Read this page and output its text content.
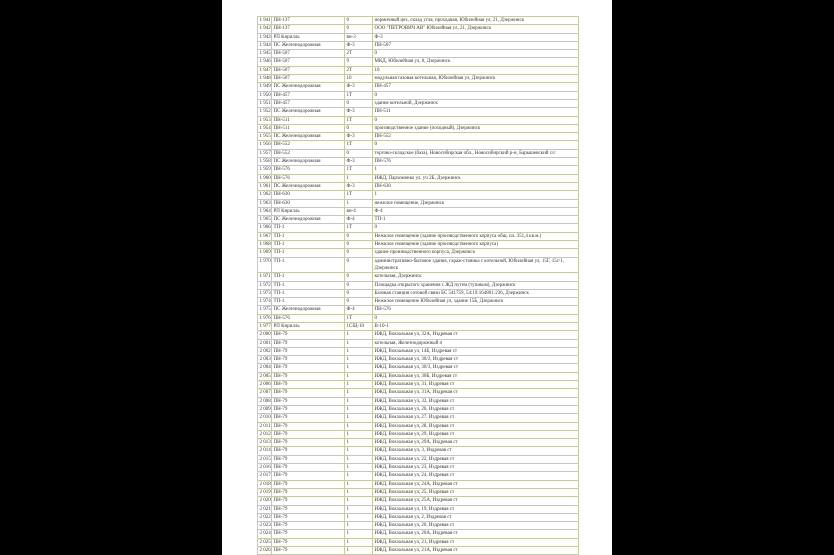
1 941	ПН-137	0	нормичный цех, склад угля, проходная, Юбилейная ул, 21, Дзержинск
1 942	ПН-137	0	ООО "ПЕТРОВИЧ АВ" Юбилейная ул, 21, Дзержинск
1 943	РП Кирилль	вн-3	Ф-3
1 944	ПС Железнодорожная	Ф-3	ПН-507
1 945	ПН-507	2Т	0
1 946	ПН-507	9	МКД, Юбилейная ул, 8, Дзержинск
1 947	ПН-507	2Т	10
1 948	ПН-507	10	модульная газовая котельная, Юбилейная ул, Дзержинск
1 949	ПС Железнодорожная	Ф-3	ПН-457
1 950	ПН-457	1Т	0
1 951	ПН-457	0	здание котельной, Дзержинск
1 952	ПС Железнодорожная	Ф-3	ПН-511
1 953	ПН-511	1Т	0
1 954	ПН-511	0	производственное здание (походный), Дзержинск
1 955	ПС Железнодорожная	Ф-3	ПН-552
1 956	ПН-552	1Т	0
1 957	ПН-552	0	торгово-складское (база), Новосибирская обл., Новосибирский р-н, Барышевский с/с
1 958	ПС Железнодорожная	Ф-3	ПН-576
1 959	ПН-576	1Т	1
1 960	ПН-576	1	ИЖД, Пархоменко ул, уч 2Б, Дзержинск
1 961	ПС Железнодорожная	Ф-3	ПН-630
1 962	ПН-630	1Т	1
1 963	ПН-630	1	нежилое помещение, Дзержинск
1 964	РП Кирилль	вн-4	Ф-4
1 965	ПС Железнодорожная	Ф-4	ТП-1
1 966	ТП-1	1Т	0
1 967	ТП-1	0	Нежилое помещение (здание производственного корпуса общ. пл. 351,4 кв.м.)
1 968	ТП-1	0	Нежилое помещение (здание производственного корпуса)
1 969	ТП-1	0	здание производственного корпуса, Дзержинск
1 970	ТП-1	0	административно-бытовое здание, гараж-стоянка с котельной, Юбилейная ул, 15Г, 15г/1, Дзержинск
1 971	ТП-1	0	котельная, Дзержинск
1 972	ТП-1	0	Площадка открытого хранения с ЖД путем (тупиком), Дзержинск
1 973	ТП-1	0	Базовая станция сотовой связи БС 541759, 54:19:164801:236, Дзержинск
1 974	ТП-1	0	Нежилое помещение Юбилейная ул, здание 15Б, Дзержинск
1 975	ПС Железнодорожная	Ф-4	ПН-576
1 976	ПН-576	1Т	0
1 977	РП Кирилль	1СЩ-10	В-10-1
2 000	ПН-79	1	ИЖД, Вокзальная ул, 32А, Издревая ст
2 001	ПН-79	1	котельная, Железнодорожный п
2 002	ПН-79	1	ИЖД, Вокзальная ул, 14Б, Издревая ст
2 003	ПН-79	1	ИЖД, Вокзальная ул, 30/2, Издревая ст
2 004	ПН-79	1	ИЖД, Вокзальная ул, 30/3, Издревая ст
2 005	ПН-79	1	ИЖД, Вокзальная ул, 30Б, Издревая ст
2 006	ПН-79	1	ИЖД, Вокзальная ул, 31, Издревая ст
2 007	ПН-79	1	ИЖД, Вокзальная ул, 31А, Издревая ст
2 008	ПН-79	1	ИЖД, Вокзальная ул, 32, Издревая ст
2 009	ПН-79	1	ИЖД, Вокзальная ул, 26, Издревая ст
2 010	ПН-79	1	ИЖД, Вокзальная ул, 27, Издревая ст
2 011	ПН-79	1	ИЖД, Вокзальная ул, 28, Издревая ст
2 012	ПН-79	1	ИЖД, Вокзальная ул, 29, Издревая ст
2 013	ПН-79	1	ИЖД, Вокзальная ул, 29А, Издревая ст
2 014	ПН-79	1	ИЖД, Вокзальная ул, 3, Издревая ст
2 015	ПН-79	1	ИЖД, Вокзальная ул, 22, Издревая ст
2 016	ПН-79	1	ИЖД, Вокзальная ул, 23, Издревая ст
2 017	ПН-79	1	ИЖД, Вокзальная ул, 24, Издревая ст
2 018	ПН-79	1	ИЖД, Вокзальная ул, 24А, Издревая ст
2 019	ПН-79	1	ИЖД, Вокзальная ул, 25, Издревая ст
2 020	ПН-79	1	ИЖД, Вокзальная ул, 25А, Издревая ст
2 021	ПН-79	1	ИЖД, Вокзальная ул, 19, Издревая ст
2 022	ПН-79	1	ИЖД, Вокзальная ул, 2, Издревая ст
2 023	ПН-79	1	ИЖД, Вокзальная ул, 20, Издревая ст
2 024	ПН-79	1	ИЖД, Вокзальная ул, 20А, Издревая ст
2 025	ПН-79	1	ИЖД, Вокзальная ул, 21, Издревая ст
2 026	ПН-79	1	ИЖД, Вокзальная ул, 21А, Издревая ст
